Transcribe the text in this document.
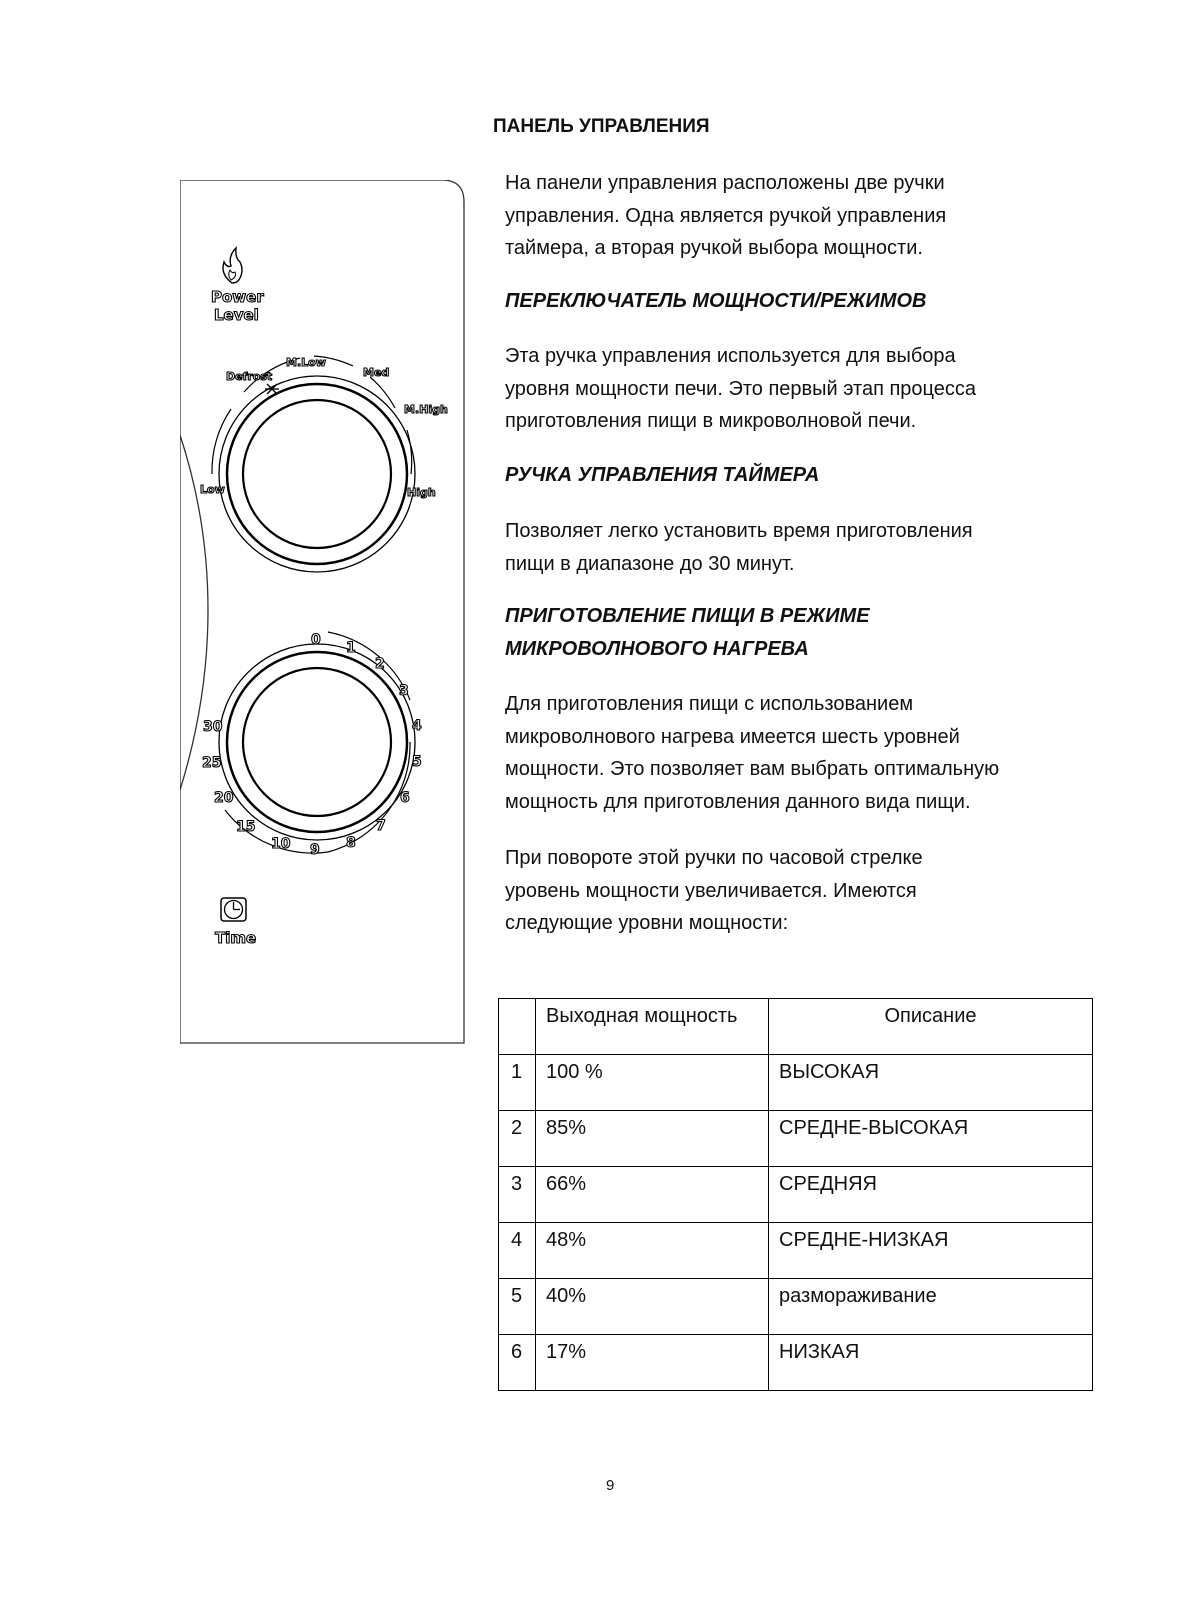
ПАНЕЛЬ УПРАВЛЕНИЯ

На панели управления расположены две ручки

управления. Одна является ручкой управления

таймера, а вторая ручкой выбора мощности.

ПЕРЕКЛЮЧАТЕЛЬ МОЩНОСТИ/РЕЖИМОВ

Эта ручка управления используется для выбора

уровня мощности печи. Это первый этап процесса

приготовления пищи в микроволновой печи.

РУЧКА УПРАВЛЕНИЯ ТАЙМЕРА

Позволяет легко установить время приготовления

пищи в диапазоне до 30 минут.

ПРИГОТОВЛЕНИЕ ПИЩИ В РЕЖИМЕ
МИКРОВОЛНОВОГО НАГРЕВА

Для приготовления пищи с использованием

микроволнового нагрева имеется шесть уровней

мощности. Это позволяет вам выбрать оптимальную

мощность для приготовления данного вида пищи.

При повороте этой ручки по часовой стрелке

уровень мощности увеличивается. Имеются

следующие уровни мощности:

Power
Level
Defrost
M.Low
Med
M.High
Low	High
0 1
2
3
4
5
6
7
8
9
10
15
20
25
30
Time
	Выходная мощность	Описание
1	100 %	ВЫСОКАЯ
2	85%	СРЕДНЕ-ВЫСОКАЯ
3	66%	СРЕДНЯЯ
4	48%	СРЕДНЕ-НИЗКАЯ
5	40%	размораживание
6	17%	НИЗКАЯ
9
